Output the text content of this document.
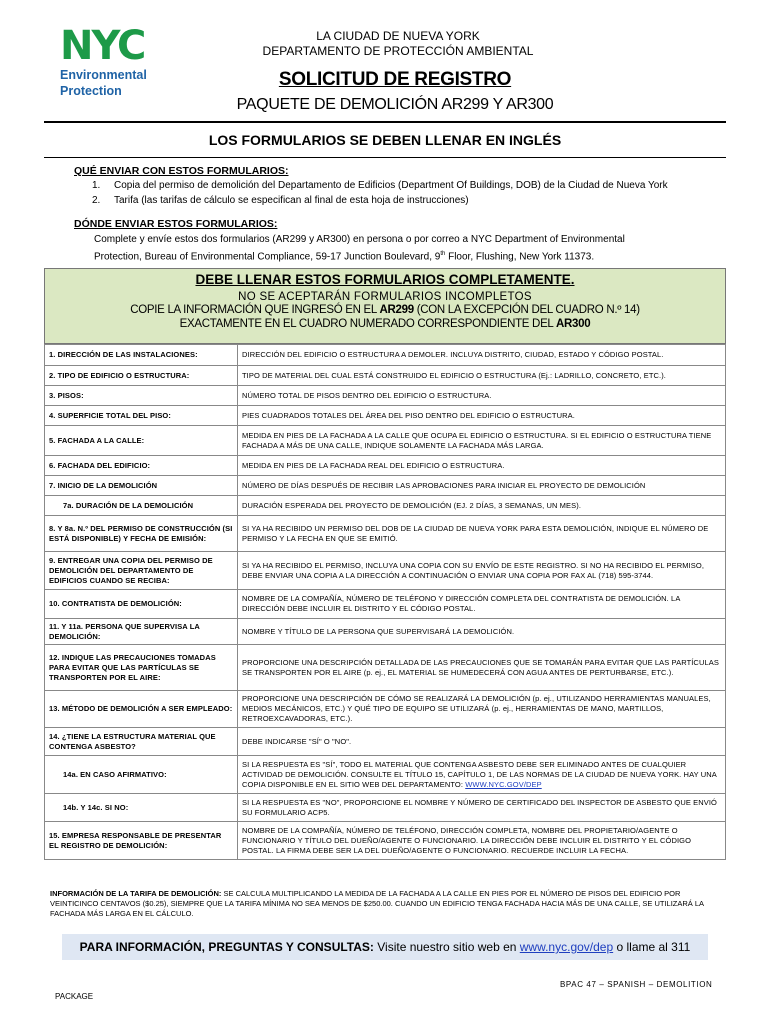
NYC
Environmental
Protection
LA CIUDAD DE NUEVA YORK
DEPARTAMENTO DE PROTECCIÓN AMBIENTAL
SOLICITUD DE REGISTRO
PAQUETE DE DEMOLICIÓN AR299 Y AR300
LOS FORMULARIOS SE DEBEN LLENAR EN INGLÉS
QUÉ ENVIAR CON ESTOS FORMULARIOS:
1. Copia del permiso de demolición del Departamento de Edificios (Department Of Buildings, DOB) de la Ciudad de Nueva York
2. Tarifa (las tarifas de cálculo se especifican al final de esta hoja de instrucciones)
DÓNDE ENVIAR ESTOS FORMULARIOS:
Complete y envíe estos dos formularios (AR299 y AR300) en persona o por correo a NYC Department of Environmental
Protection, Bureau of Environmental Compliance, 59-17 Junction Boulevard, 9th Floor, Flushing, New York 11373.
DEBE LLENAR ESTOS FORMULARIOS COMPLETAMENTE.
NO SE ACEPTARÁN FORMULARIOS INCOMPLETOS
COPIE LA INFORMACIÓN QUE INGRESÓ EN EL AR299 (CON LA EXCEPCIÓN DEL CUADRO N.º 14)
EXACTAMENTE EN EL CUADRO NUMERADO CORRESPONDIENTE DEL AR300
1. DIRECCIÓN DE LAS INSTALACIONES:	DIRECCIÓN DEL EDIFICIO O ESTRUCTURA A DEMOLER. INCLUYA DISTRITO, CIUDAD, ESTADO Y CÓDIGO POSTAL.
2. TIPO DE EDIFICIO O ESTRUCTURA:	TIPO DE MATERIAL DEL CUAL ESTÁ CONSTRUIDO EL EDIFICIO O ESTRUCTURA (Ej.: LADRILLO, CONCRETO, ETC.).
3. PISOS:	NÚMERO TOTAL DE PISOS DENTRO DEL EDIFICIO O ESTRUCTURA.
4. SUPERFICIE TOTAL DEL PISO:	PIES CUADRADOS TOTALES DEL ÁREA DEL PISO DENTRO DEL EDIFICIO O ESTRUCTURA.
5. FACHADA A LA CALLE:	MEDIDA EN PIES DE LA FACHADA A LA CALLE QUE OCUPA EL EDIFICIO O ESTRUCTURA. SI EL EDIFICIO O ESTRUCTURA TIENE FACHADA A MÁS DE UNA CALLE, INDIQUE SOLAMENTE LA FACHADA MÁS LARGA.
6. FACHADA DEL EDIFICIO:	MEDIDA EN PIES DE LA FACHADA REAL DEL EDIFICIO O ESTRUCTURA.
7. INICIO DE LA DEMOLICIÓN	NÚMERO DE DÍAS DESPUÉS DE RECIBIR LAS APROBACIONES PARA INICIAR EL PROYECTO DE DEMOLICIÓN
7a. DURACIÓN DE LA DEMOLICIÓN	DURACIÓN ESPERADA DEL PROYECTO DE DEMOLICIÓN (EJ. 2 DÍAS, 3 SEMANAS, UN MES).
8. Y 8a. N.º DEL PERMISO DE CONSTRUCCIÓN (SI ESTÁ DISPONIBLE) Y FECHA DE EMISIÓN:	SI YA HA RECIBIDO UN PERMISO DEL DOB DE LA CIUDAD DE NUEVA YORK PARA ESTA DEMOLICIÓN, INDIQUE EL NÚMERO DE PERMISO Y LA FECHA EN QUE SE EMITIÓ.
9. ENTREGAR UNA COPIA DEL PERMISO DE DEMOLICIÓN DEL DEPARTAMENTO DE EDIFICIOS CUANDO SE RECIBA:	SI YA HA RECIBIDO EL PERMISO, INCLUYA UNA COPIA CON SU ENVÍO DE ESTE REGISTRO. SI NO HA RECIBIDO EL PERMISO, DEBE ENVIAR UNA COPIA A LA DIRECCIÓN A CONTINUACIÓN O ENVIAR UNA COPIA POR FAX AL (718) 595-3744.
10. CONTRATISTA DE DEMOLICIÓN:	NOMBRE DE LA COMPAÑÍA, NÚMERO DE TELÉFONO Y DIRECCIÓN COMPLETA DEL CONTRATISTA DE DEMOLICIÓN. LA DIRECCIÓN DEBE INCLUIR EL DISTRITO Y EL CÓDIGO POSTAL.
11. Y 11a. PERSONA QUE SUPERVISA LA DEMOLICIÓN:	NOMBRE Y TÍTULO DE LA PERSONA QUE SUPERVISARÁ LA DEMOLICIÓN.
12. INDIQUE LAS PRECAUCIONES TOMADAS PARA EVITAR QUE LAS PARTÍCULAS SE TRANSPORTEN POR EL AIRE:	PROPORCIONE UNA DESCRIPCIÓN DETALLADA DE LAS PRECAUCIONES QUE SE TOMARÁN PARA EVITAR QUE LAS PARTÍCULAS SE TRANSPORTEN POR EL AIRE (p. ej., EL MATERIAL SE HUMEDECERÁ CON AGUA ANTES DE PERTURBARSE, ETC.).
13. MÉTODO DE DEMOLICIÓN A SER EMPLEADO:	PROPORCIONE UNA DESCRIPCIÓN DE CÓMO SE REALIZARÁ LA DEMOLICIÓN (p. ej., UTILIZANDO HERRAMIENTAS MANUALES, MEDIOS MECÁNICOS, ETC.) Y QUÉ TIPO DE EQUIPO SE UTILIZARÁ (p. ej., HERRAMIENTAS DE MANO, MARTILLOS, RETROEXCAVADORAS, ETC.).
14. ¿TIENE LA ESTRUCTURA MATERIAL QUE CONTENGA ASBESTO?	DEBE INDICARSE "SÍ" O "NO".
14a. EN CASO AFIRMATIVO:	SI LA RESPUESTA ES "SÍ", TODO EL MATERIAL QUE CONTENGA ASBESTO DEBE SER ELIMINADO ANTES DE CUALQUIER ACTIVIDAD DE DEMOLICIÓN. CONSULTE EL TÍTULO 15, CAPÍTULO 1, DE LAS NORMAS DE LA CIUDAD DE NUEVA YORK. HAY UNA COPIA DISPONIBLE EN EL SITIO WEB DEL DEPARTAMENTO: WWW.NYC.GOV/DEP
14b. Y 14c. SI NO:	SI LA RESPUESTA ES "NO", PROPORCIONE EL NOMBRE Y NÚMERO DE CERTIFICADO DEL INSPECTOR DE ASBESTO QUE ENVIÓ SU FORMULARIO ACP5.
15. EMPRESA RESPONSABLE DE PRESENTAR EL REGISTRO DE DEMOLICIÓN:	NOMBRE DE LA COMPAÑÍA, NÚMERO DE TELÉFONO, DIRECCIÓN COMPLETA, NOMBRE DEL PROPIETARIO/AGENTE O FUNCIONARIO Y TÍTULO DEL DUEÑO/AGENTE O FUNCIONARIO. LA DIRECCIÓN DEBE INCLUIR EL DISTRITO Y EL CÓDIGO POSTAL. LA FIRMA DEBE SER LA DEL DUEÑO/AGENTE O FUNCIONARIO. RECUERDE INCLUIR LA FECHA.
INFORMACIÓN DE LA TARIFA DE DEMOLICIÓN: SE CALCULA MULTIPLICANDO LA MEDIDA DE LA FACHADA A LA CALLE EN PIES POR EL NÚMERO DE PISOS DEL EDIFICIO POR VEINTICINCO CENTAVOS ($0.25), SIEMPRE QUE LA TARIFA MÍNIMA NO SEA MENOS DE $250.00. CUANDO UN EDIFICIO TENGA FACHADA HACIA MÁS DE UNA CALLE, SE UTILIZARÁ LA FACHADA MÁS LARGA EN EL CÁLCULO.
PARA INFORMACIÓN, PREGUNTAS Y CONSULTAS: Visite nuestro sitio web en www.nyc.gov/dep o llame al 311
BPAC 47 – SPANISH – DEMOLITION
PACKAGE
